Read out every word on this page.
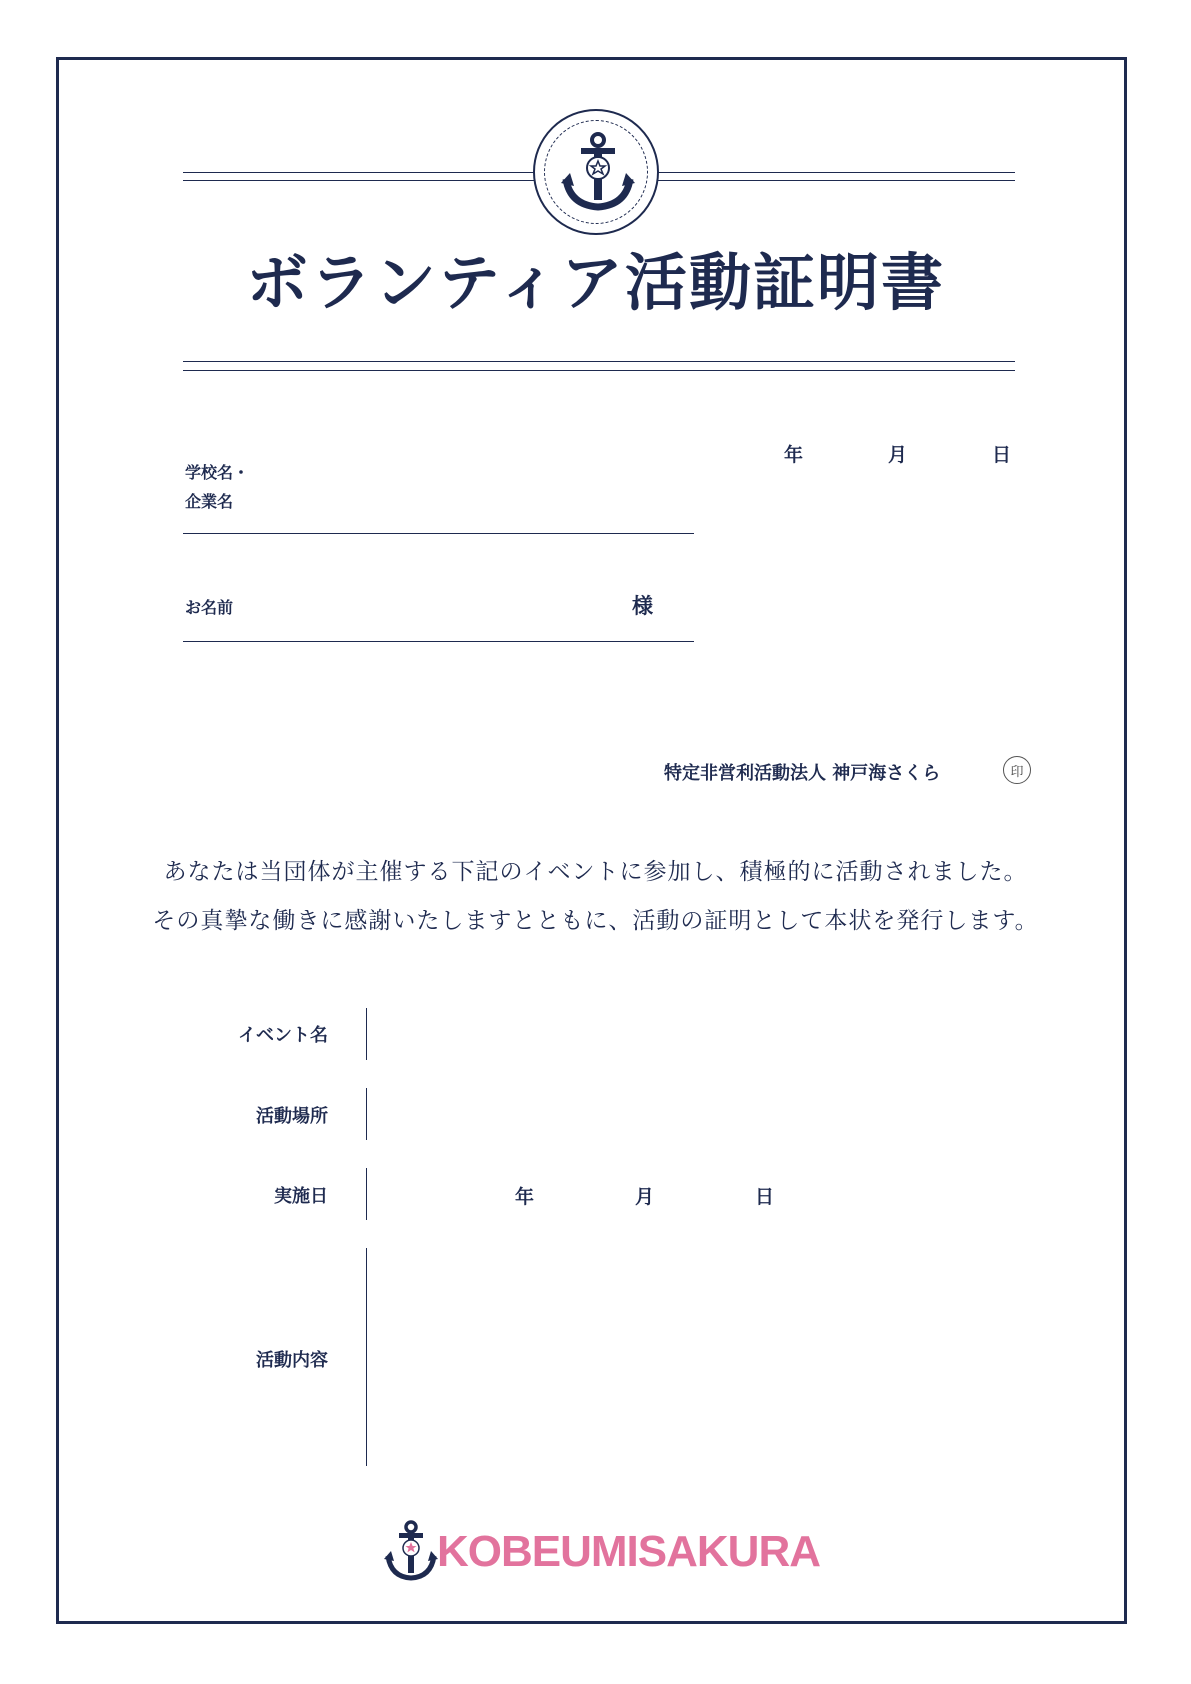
ボランティア活動証明書
年	月	日
学校名・
企業名
お名前	様
特定非営利活動法人 神戸海さくら	印
あなたは当団体が主催する下記のイベントに参加し、積極的に活動されました。
その真摯な働きに感謝いたしますとともに、活動の証明として本状を発行します。
イベント名
活動場所
実施日	年	月	日
活動内容
KOBEUMISAKURA
